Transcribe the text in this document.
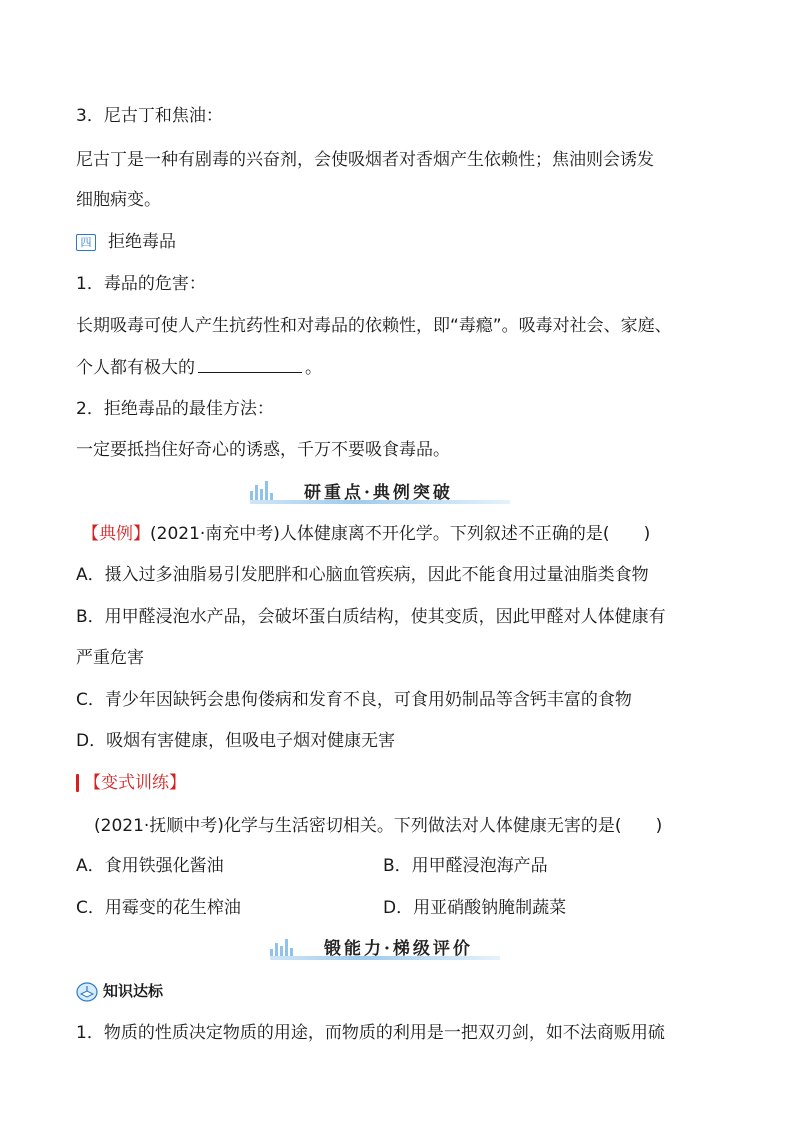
3．尼古丁和焦油：
尼古丁是一种有剧毒的兴奋剂，会使吸烟者对香烟产生依赖性；焦油则会诱发
细胞病变。
四 拒绝毒品
1．毒品的危害：
长期吸毒可使人产生抗药性和对毒品的依赖性，即“毒瘾”。吸毒对社会、家庭、
个人都有极大的	。
2．拒绝毒品的最佳方法：
一定要抵挡住好奇心的诱惑，千万不要吸食毒品。
研重点·典例突破
【典例】(2021·南充中考)人体健康离不开化学。下列叙述不正确的是(　　)
A．摄入过多油脂易引发肥胖和心脑血管疾病，因此不能食用过量油脂类食物
B．用甲醛浸泡水产品，会破坏蛋白质结构，使其变质，因此甲醛对人体健康有
严重危害
C．青少年因缺钙会患佝偻病和发育不良，可食用奶制品等含钙丰富的食物
D．吸烟有害健康，但吸电子烟对健康无害
【变式训练】
(2021·抚顺中考)化学与生活密切相关。下列做法对人体健康无害的是(　　)
A．食用铁强化酱油	B．用甲醛浸泡海产品
C．用霉变的花生榨油	D．用亚硝酸钠腌制蔬菜
锻能力·梯级评价
知识达标
1．物质的性质决定物质的用途，而物质的利用是一把双刃剑，如不法商贩用硫
